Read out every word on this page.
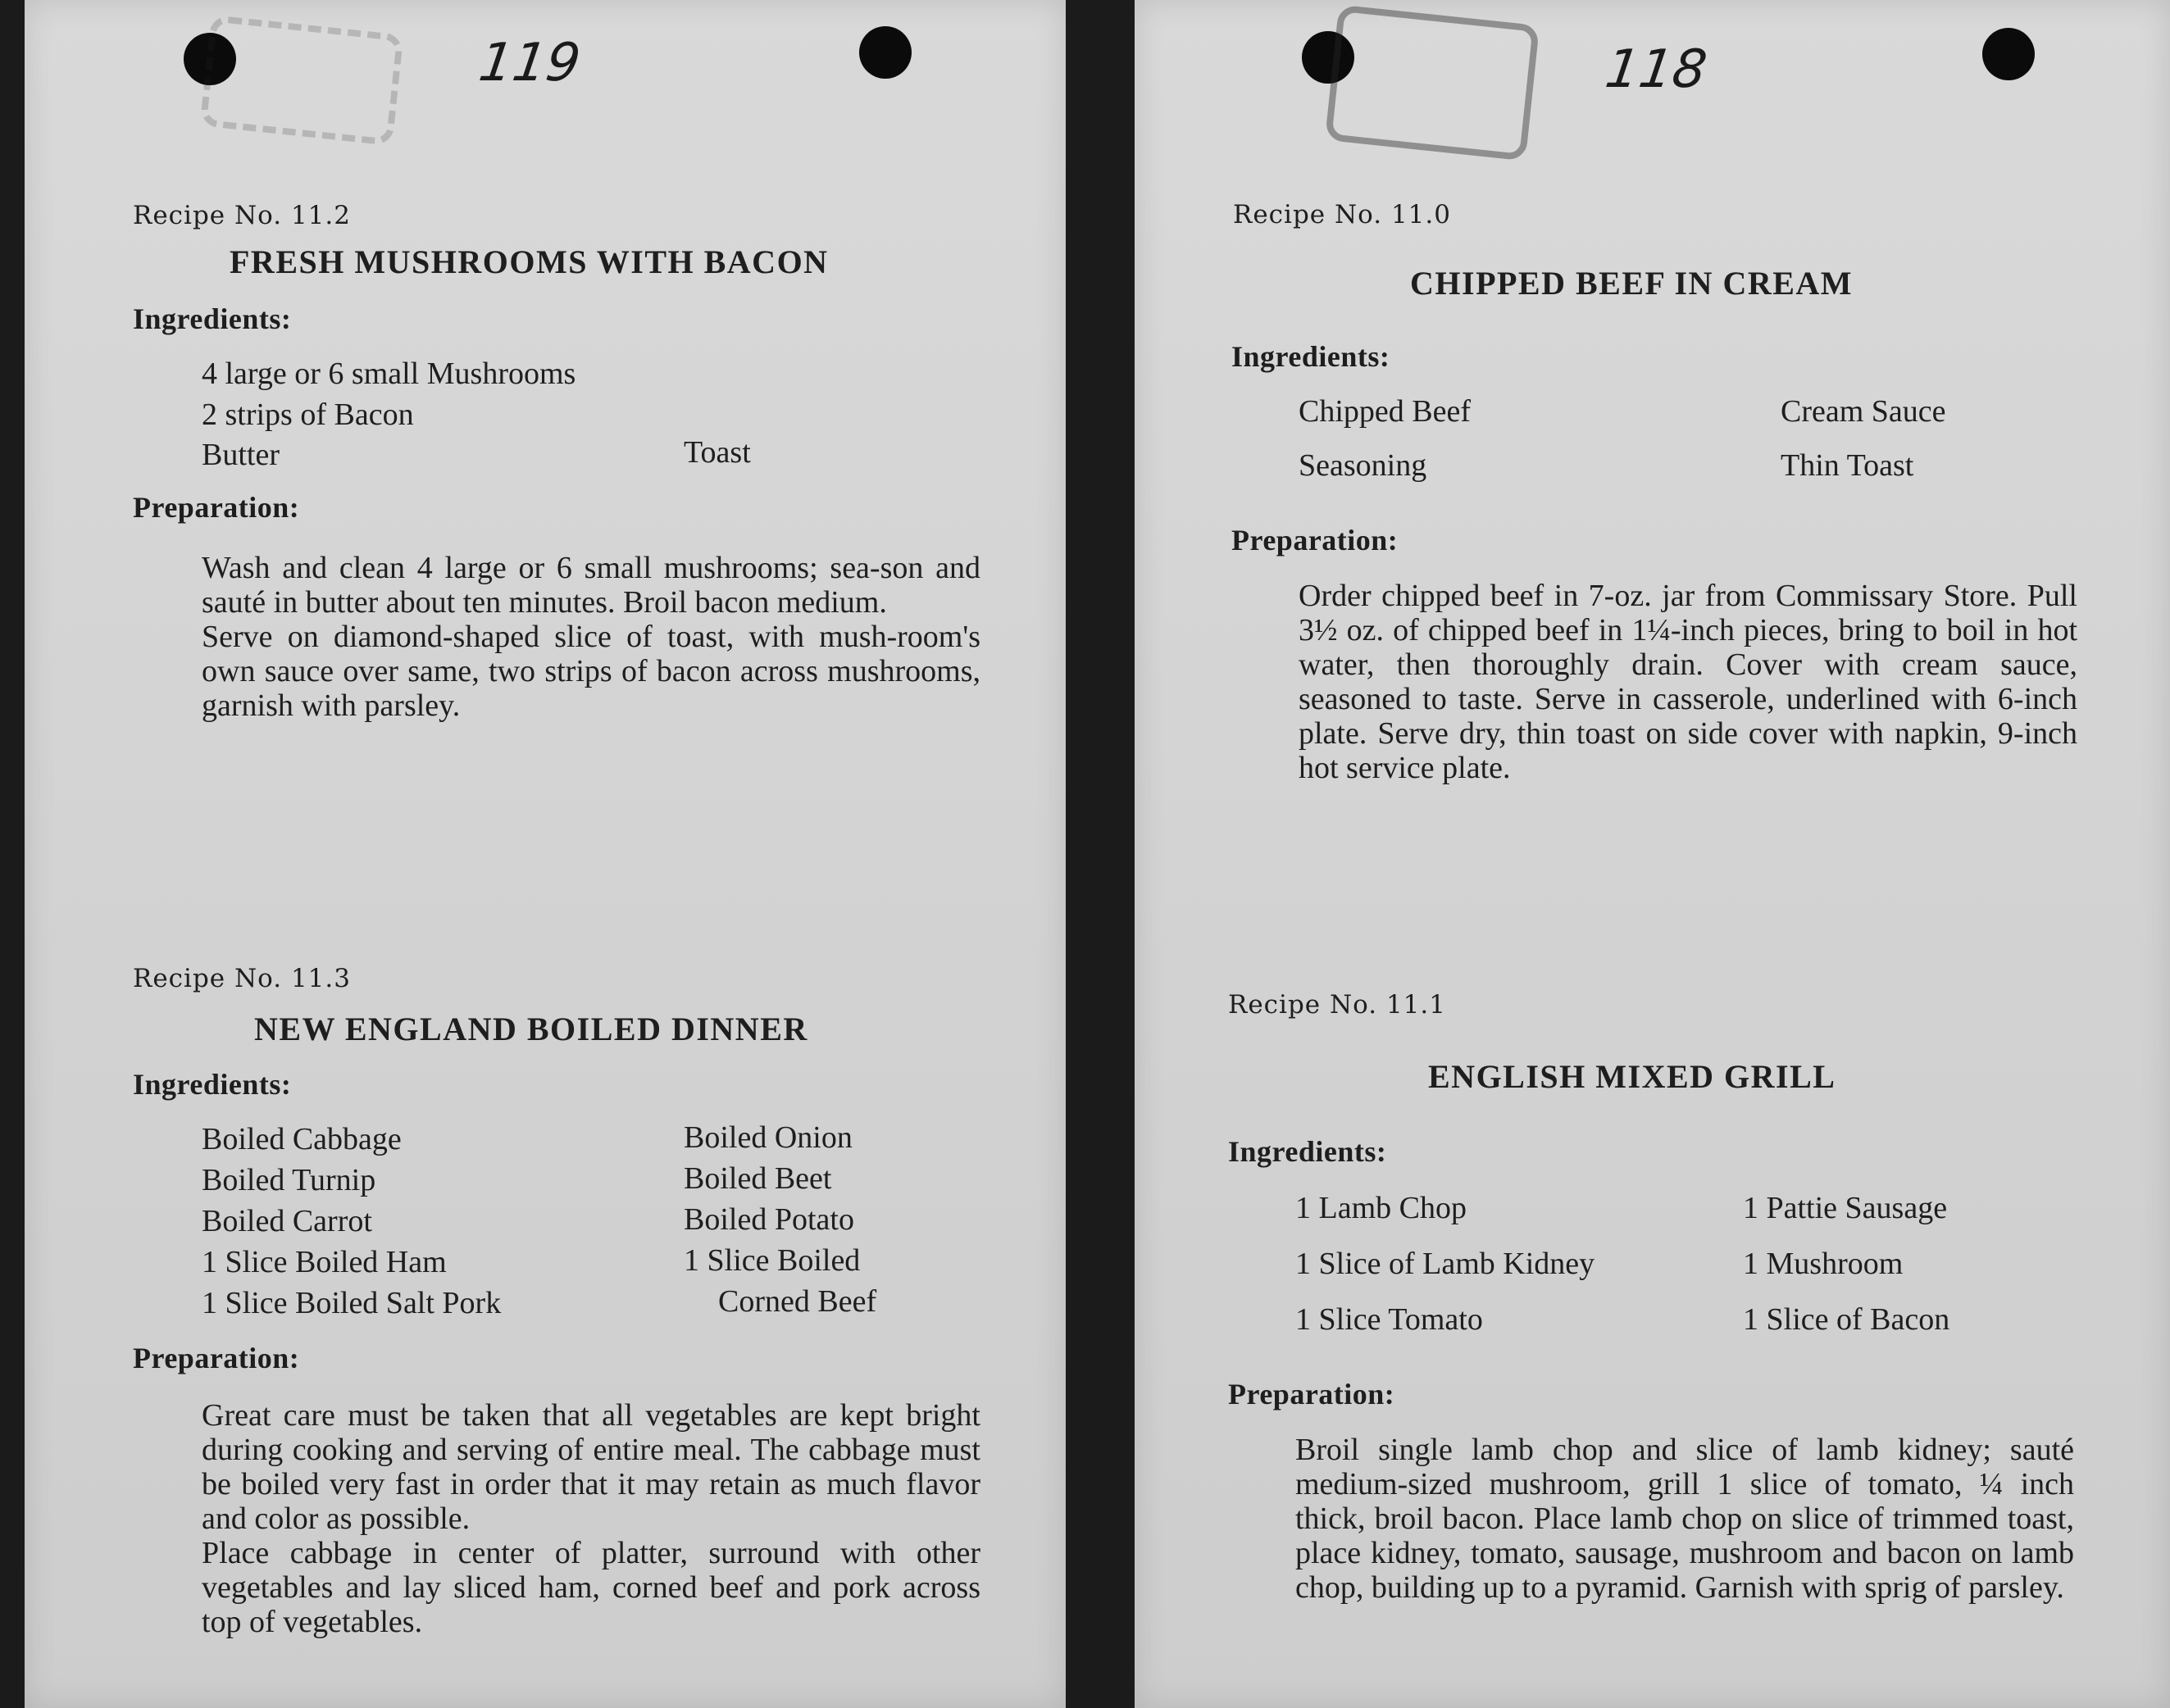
119
Recipe No. 11.2
FRESH MUSHROOMS WITH BACON
Ingredients:
4 large or 6 small Mushrooms
2 strips of Bacon
Butter	Toast
Preparation:

Wash and clean 4 large or 6 small mushrooms; sea-son and sauté in butter about ten minutes. Broil bacon medium.

Serve on diamond-shaped slice of toast, with mush-room's own sauce over same, two strips of bacon across mushrooms, garnish with parsley.

Recipe No. 11.3
NEW ENGLAND BOILED DINNER
Ingredients:
Boiled Cabbage
Boiled Turnip
Boiled Carrot
1 Slice Boiled Ham
1 Slice Boiled Salt Pork
Boiled Onion
Boiled Beet
Boiled Potato
1 Slice Boiled
Corned Beef
Preparation:

Great care must be taken that all vegetables are kept bright during cooking and serving of entire meal. The cabbage must be boiled very fast in order that it may retain as much flavor and color as possible.

Place cabbage in center of platter, surround with other vegetables and lay sliced ham, corned beef and pork across top of vegetables.

118
Recipe No. 11.0
CHIPPED BEEF IN CREAM
Ingredients:
Chipped Beef
Seasoning
Cream Sauce
Thin Toast
Preparation:

Order chipped beef in 7-oz. jar from Commissary Store. Pull 3½ oz. of chipped beef in 1¼-inch pieces, bring to boil in hot water, then thoroughly drain. Cover with cream sauce, seasoned to taste. Serve in casserole, underlined with 6-inch plate. Serve dry, thin toast on side cover with napkin, 9-inch hot service plate.

Recipe No. 11.1
ENGLISH MIXED GRILL
Ingredients:
1 Lamb Chop
1 Slice of Lamb Kidney
1 Slice Tomato
1 Pattie Sausage
1 Mushroom
1 Slice of Bacon
Preparation:

Broil single lamb chop and slice of lamb kidney; sauté medium-sized mushroom, grill 1 slice of tomato, ¼ inch thick, broil bacon. Place lamb chop on slice of trimmed toast, place kidney, tomato, sausage, mushroom and bacon on lamb chop, building up to a pyramid. Garnish with sprig of parsley.
